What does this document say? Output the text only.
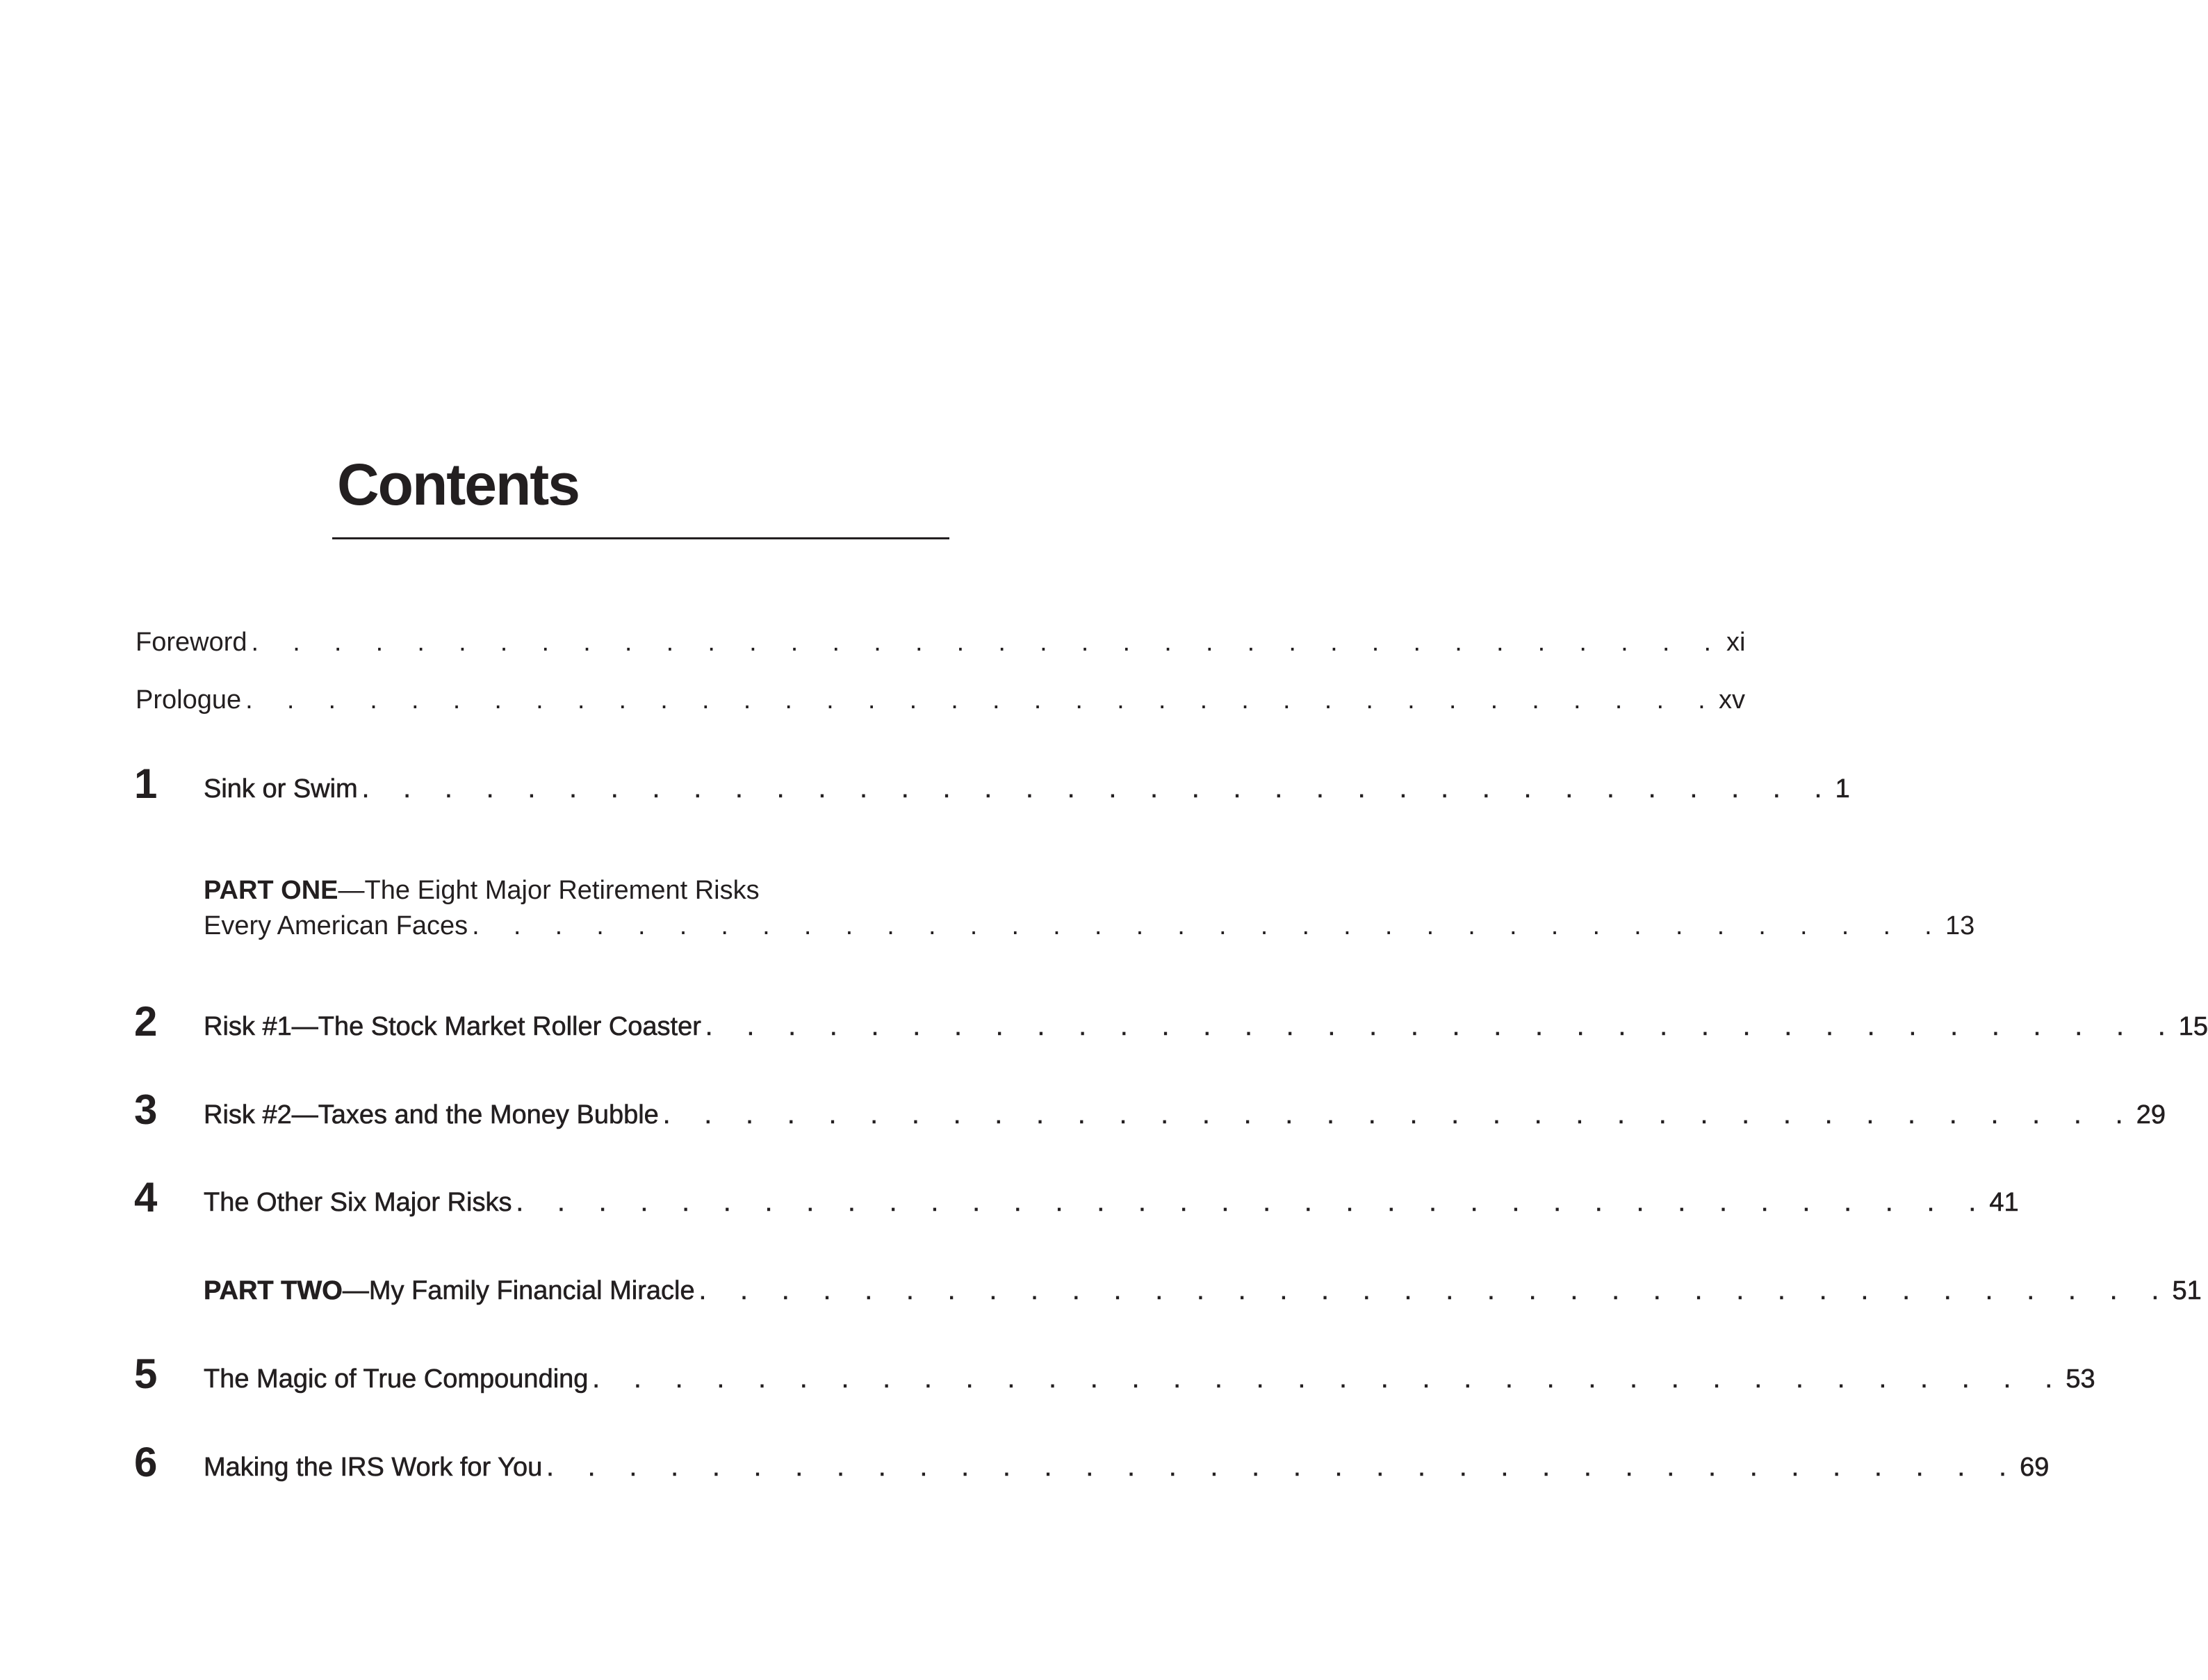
Contents
Foreword . . . . . . . . . . . . . . . . . . . . . . . . . . . . . . . . . . . . xi
Prologue . . . . . . . . . . . . . . . . . . . . . . . . . . . . . . . . . . . . xv
1 Sink or Swim . . . . . . . . . . . . . . . . . . . . . . . . . . . . . . . . . . . . 1
PART ONE—The Eight Major Retirement Risks
Every American Faces . . . . . . . . . . . . . . . . . . . . . . . . . . . . . . . . . . . . 13
2 Risk #1—The Stock Market Roller Coaster . . . . . . . . . . . . . . . . . . . . . . . . . . . . . . . . . . . . 15
3 Risk #2—Taxes and the Money Bubble . . . . . . . . . . . . . . . . . . . . . . . . . . . . . . . . . . . . 29
4 The Other Six Major Risks . . . . . . . . . . . . . . . . . . . . . . . . . . . . . . . . . . . . 41
PART TWO—My Family Financial Miracle . . . . . . . . . . . . . . . . . . . . . . . . . . . . . . . . . . . . 51
5 The Magic of True Compounding . . . . . . . . . . . . . . . . . . . . . . . . . . . . . . . . . . . . 53
6 Making the IRS Work for You . . . . . . . . . . . . . . . . . . . . . . . . . . . . . . . . . . . . 69
